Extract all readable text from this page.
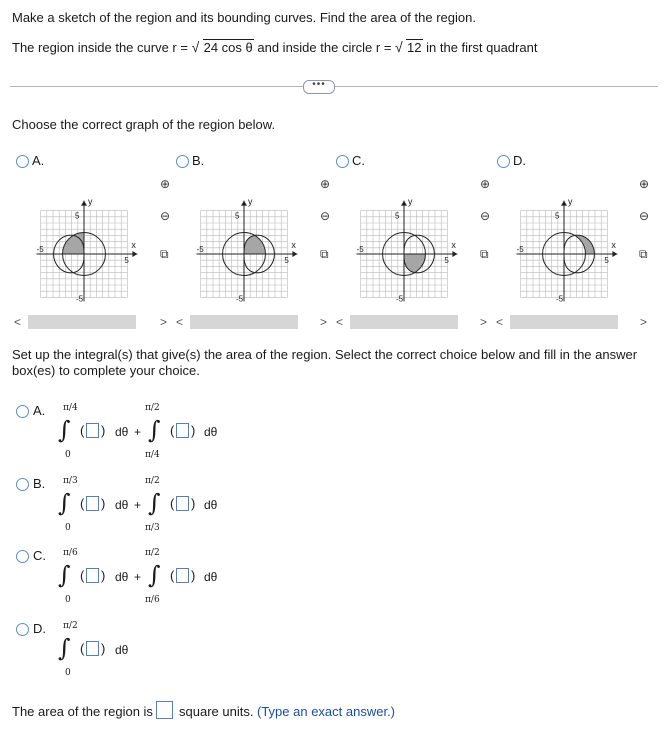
Make a sketch of the region and its bounding curves. Find the area of the region.
The region inside the curve r = √ 24 cos θ and inside the circle r = √ 12 in the first quadrant
•••
Choose the correct graph of the region below.
A.
y
x
5
5
-5
-5
⊕
⊖
⧉
B.
y
x
5
5
-5
-5
⊕
⊖
⧉
C.
y
x
5
5
-5
-5
⊕
⊖
⧉
D.
y
x
5
5
-5
-5
⊕
⊖
⧉
<	> <	> <	> <	>
Set up the integral(s) that give(s) the area of the region. Select the correct choice below and fill in the answer box(es) to complete your choice.
A. π/4
∫
0
( ) dθ +
π/2
∫
π/4
( ) dθ
B. π/3
∫
0
( ) dθ +
π/2
∫
π/3
( ) dθ
C. π/6
∫
0
( ) dθ +
π/2
∫
π/6
( ) dθ
D. π/2
∫
0
( ) dθ
The area of the region is square units. (Type an exact answer.)
